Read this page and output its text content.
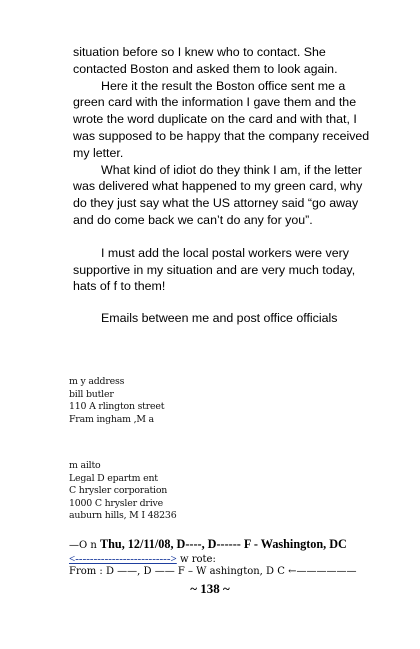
situation before so I knew who to contact. She contacted Boston and asked them to look again.

Here it the result the Boston office sent me a green card with the information I gave them and the wrote the word duplicate on the card and with that, I was supposed to be happy that the company received my letter.

What kind of idiot do they think I am, if the letter was delivered what happened to my green card, why do they just say what the US attorney said “go away and do come back we can’t do any for you”.

I must add the local postal workers were very supportive in my situation and are very much today, hats of f to them!

Emails between me and post office officials

m y address
bill butler
110 A rlington street
Fram ingham ,M a
m ailto
Legal D epartm ent
C hrysler corporation
1000 C hrysler drive
auburn hills, M I 48236
—O n Thu, 12/11/08, D----, D------ F - Washington, DC
<--------------------------> w rote:
From : D ——, D —— F – W ashington, D C ←——————
~ 138 ~
